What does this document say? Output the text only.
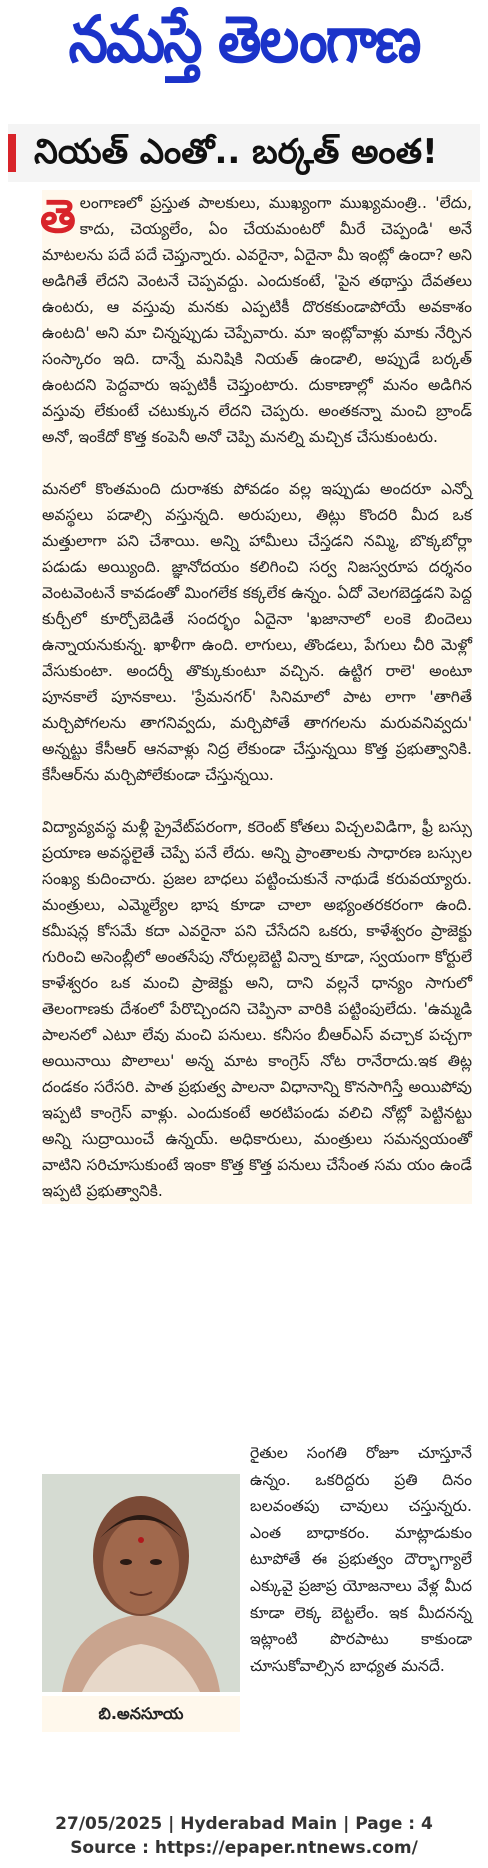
నమస్తే తెలంగాణ
నియత్ ఎంతో.. బర్కత్ అంత!

తెలంగాణలో ప్రస్తుత పాలకులు, ముఖ్యంగా ముఖ్యమంత్రి.. 'లేదు, కాదు, చెయ్యలేం, ఏం చేయమంటరో మీరే చెప్పండి' అనే మాటలను పదే పదే చెప్తున్నారు. ఎవరైనా, ఏదైనా మీ ఇంట్లో ఉందా? అని అడిగితే లేదని వెంటనే చెప్పవద్దు. ఎందుకంటే, 'పైన తథాస్తు దేవతలు ఉంటరు, ఆ వస్తువు మనకు ఎప్పటికీ దొరకకుండాపోయే అవకాశం ఉంటది' అని మా చిన్నప్పుడు చెప్పేవారు. మా ఇంట్లోవాళ్లు మాకు నేర్పిన సంస్కారం ఇది. దాన్నే మనిషికి నియత్ ఉండాలి, అప్పుడే బర్కత్ ఉంటదని పెద్దవారు ఇప్పటికీ చెప్తుంటారు. దుకాణాల్లో మనం అడిగిన వస్తువు లేకుంటే చటుక్కున లేదని చెప్పరు. అంతకన్నా మంచి బ్రాండ్ అనో, ఇంకేదో కొత్త కంపెనీ అనో చెప్పి మనల్ని మచ్చిక చేసుకుంటరు.

మనలో కొంతమంది దురాశకు పోవడం వల్ల ఇప్పుడు అందరూ ఎన్నో అవస్థలు పడాల్సి వస్తున్నది. అరుపులు, తిట్లు కొందరి మీద ఒక మత్తులాగా పని చేశాయి. అన్ని హామీలు చేస్తడని నమ్మి, బొక్కబోర్లా పడుడు అయ్యింది. జ్ఞానోదయం కలిగించి సర్వ నిజస్వరూప దర్శనం వెంటవెంటనే కావడంతో మింగలేక కక్కలేక ఉన్నం. ఏదో వెలగబెడ్తడని పెద్ద కుర్చీలో కూర్చోబెడితే సందర్భం ఏదైనా 'ఖజానాలో లంకె బిందెలు ఉన్నాయనుకున్న. ఖాళీగా ఉంది. లాగులు, తొండలు, పేగులు చీరి మెళ్లో వేసుకుంటా. అందర్నీ తొక్కుకుంటూ వచ్చిన. ఉట్టిగ రాలె' అంటూ పూనకాలే పూనకాలు. 'ప్రేమనగర్' సినిమాలో పాట లాగా 'తాగితే మర్చిపోగలను తాగనివ్వదు, మర్చిపోతే తాగగలను మరువనివ్వదు' అన్నట్టు కేసీఆర్ ఆనవాళ్లు నిద్ర లేకుండా చేస్తున్నయి కొత్త ప్రభుత్వానికి. కేసీఆర్‌ను మర్చిపోలేకుండా చేస్తున్నయి.

విద్యావ్యవస్థ మళ్లీ ప్రైవేట్‌పరంగా, కరెంట్ కోతలు విచ్చలవిడిగా, ఫ్రీ బస్సు ప్రయాణ అవస్థలైతే చెప్పే పనే లేదు. అన్ని ప్రాంతాలకు సాధారణ బస్సుల సంఖ్య కుదించారు. ప్రజల బాధలు పట్టించుకునే నాథుడే కరువయ్యారు. మంత్రులు, ఎమ్మెల్యేల భాష కూడా చాలా అభ్యంతరకరంగా ఉంది. కమీషన్ల కోసమే కదా ఎవరైనా పని చేసేదని ఒకరు, కాళేశ్వరం ప్రాజెక్టు గురించి అసెంబ్లీలో అంతసేపు నోరుల్లబెట్టి విన్నా కూడా, స్వయంగా కోర్టులే కాళేశ్వరం ఒక మంచి ప్రాజెక్టు అని, దాని వల్లనే ధాన్యం సాగులో తెలంగాణకు దేశంలో పేరొచ్చిందని చెప్పినా వారికి పట్టింపులేదు. 'ఉమ్మడి పాలనలో ఎటూ లేవు మంచి పనులు. కనీసం బీఆర్ఎస్ వచ్చాక పచ్చగా అయినాయి పొలాలు' అన్న మాట కాంగ్రెస్ నోట రానేరాదు.ఇక తిట్ల దండకం సరేసరి. పాత ప్రభుత్వ పాలనా విధానాన్ని కొనసాగిస్తే అయిపోవు ఇప్పటి కాంగ్రెస్ వాళ్లు. ఎందుకంటే అరటిపండు వలిచి నోట్లో పెట్టినట్టు అన్ని సుద్రాయించే ఉన్నయ్. అధికారులు, మంత్రులు సమన్వయంతో వాటిని సరిచూసుకుంటే ఇంకా కొత్త కొత్త పనులు చేసేంత సమ యం ఉండే ఇప్పటి ప్రభుత్వానికి.

బి.అనసూయ

రైతుల సంగతి రోజూ చూస్తూనే ఉన్నం. ఒకరిద్దరు ప్రతి దినం బలవంతపు చావులు చస్తున్నరు. ఎంత బాధాకరం. మాట్లాడుకుం టూపోతే ఈ ప్రభుత్వం దౌర్భాగ్యాలే ఎక్కువై ప్రజాప్ర యోజనాలు వేళ్ల మీద కూడా లెక్క బెట్టలేం. ఇక మీదనన్న ఇట్లాంటి పొరపాటు కాకుండా చూసుకోవాల్సిన బాధ్యత మనదే.

27/05/2025 | Hyderabad Main | Page : 4
Source : https://epaper.ntnews.com/
